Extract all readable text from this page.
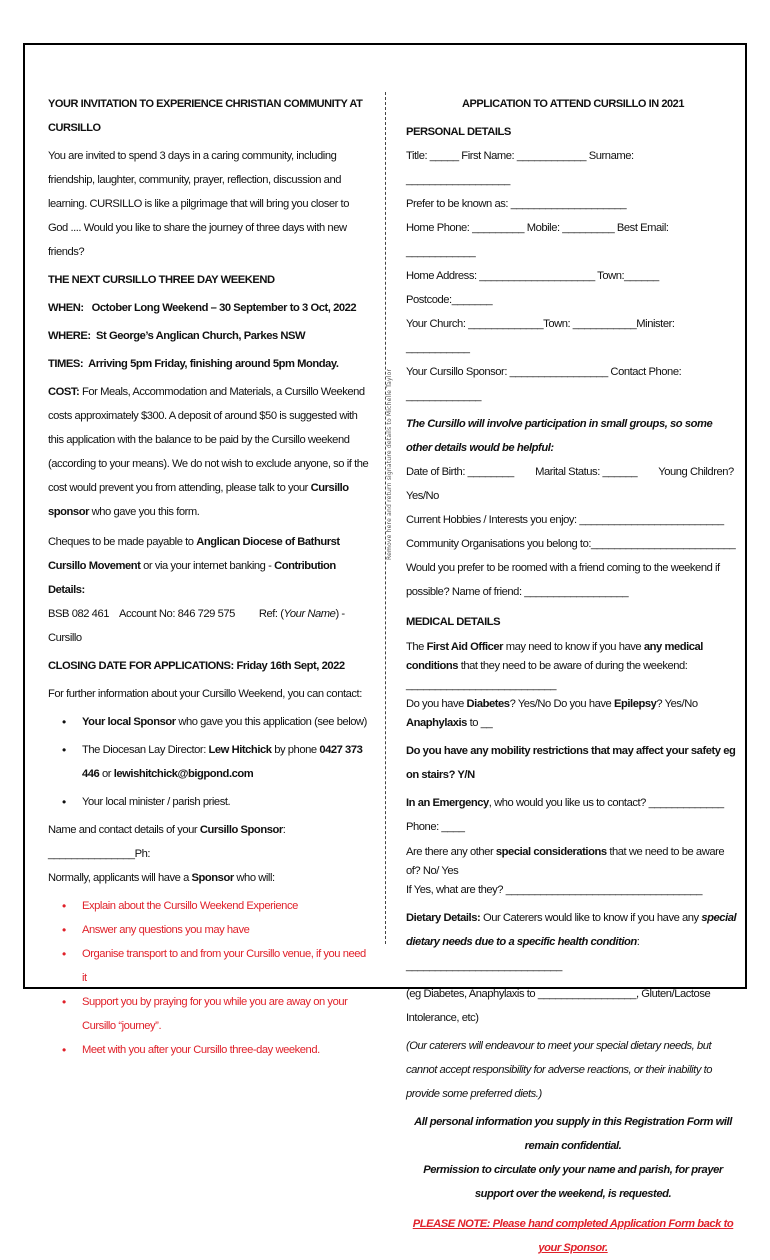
YOUR INVITATION TO EXPERIENCE CHRISTIAN COMMUNITY AT CURSILLO

You are invited to spend 3 days in a caring community, including friendship, laughter, community, prayer, reflection, discussion and learning. CURSILLO is like a pilgrimage that will bring you closer to God .... Would you like to share the journey of three days with new friends?

THE NEXT CURSILLO THREE DAY WEEKEND

WHEN: October Long Weekend – 30 September to 3 Oct, 2022

WHERE: St George’s Anglican Church, Parkes NSW

TIMES: Arriving 5pm Friday, finishing around 5pm Monday.

COST: For Meals, Accommodation and Materials, a Cursillo Weekend costs approximately $300. A deposit of around $50 is suggested with this application with the balance to be paid by the Cursillo weekend (according to your means). We do not wish to exclude anyone, so if the cost would prevent you from attending, please talk to your Cursillo sponsor who gave you this form.

Cheques to be made payable to Anglican Diocese of Bathurst Cursillo Movement or via your internet banking - Contribution Details:

BSB 082 461 Account No: 846 729 575 Ref: (Your Name) - Cursillo

CLOSING DATE FOR APPLICATIONS: Friday 16th Sept, 2022

For further information about your Cursillo Weekend, you can contact:

• Your local Sponsor who gave you this application (see below)
• The Diocesan Lay Director: Lew Hitchick by phone 0427 373 446 or lewishitchick@bigpond.com
• Your local minister / parish priest.

Name and contact details of your Cursillo Sponsor: _______________Ph:

Normally, applicants will have a Sponsor who will:

• Explain about the Cursillo Weekend Experience
• Answer any questions you may have
• Organise transport to and from your Cursillo venue, if you need it
• Support you by praying for you while you are away on your Cursillo “journey”.
• Meet with you after your Cursillo three-day weekend.
Remove here and return signature details to Michelle Taylor

APPLICATION TO ATTEND CURSILLO IN 2021

PERSONAL DETAILS

Title: _____ First Name: ____________ Surname: __________________

Prefer to be known as: ____________________

Home Phone: _________ Mobile: _________ Best Email: ____________

Home Address: ____________________ Town:______ Postcode:_______

Your Church: _____________Town: ___________Minister: ___________

Your Cursillo Sponsor: _________________ Contact Phone: _____________

The Cursillo will involve participation in small groups, so some other details would be helpful:

Date of Birth: ________ Marital Status: ______ Young Children? Yes/No

Current Hobbies / Interests you enjoy: _________________________

Community Organisations you belong to:_________________________

Would you prefer to be roomed with a friend coming to the weekend if possible? Name of friend: __________________

MEDICAL DETAILS

The First Aid Officer may need to know if you have any medical conditions that they need to be aware of during the weekend: __________________________

Do you have Diabetes? Yes/No Do you have Epilepsy? Yes/No   Anaphylaxis to __

Do you have any mobility restrictions that may affect your safety eg on stairs? Y/N

In an Emergency, who would you like us to contact? _____________ Phone: ____

Are there any other special considerations that we need to be aware of? No/ Yes

If Yes, what are they? __________________________________

Dietary Details: Our Caterers would like to know if you have any special dietary needs due to a specific health condition: ___________________________

(eg Diabetes, Anaphylaxis to _________________, Gluten/Lactose Intolerance, etc)

(Our caterers will endeavour to meet your special dietary needs, but cannot accept responsibility for adverse reactions, or their inability to provide some preferred diets.)

All personal information you supply in this Registration Form will remain confidential.

Permission to circulate only your name and parish, for prayer support over the weekend, is requested.

PLEASE NOTE: Please hand completed Application Form back to your Sponsor.
